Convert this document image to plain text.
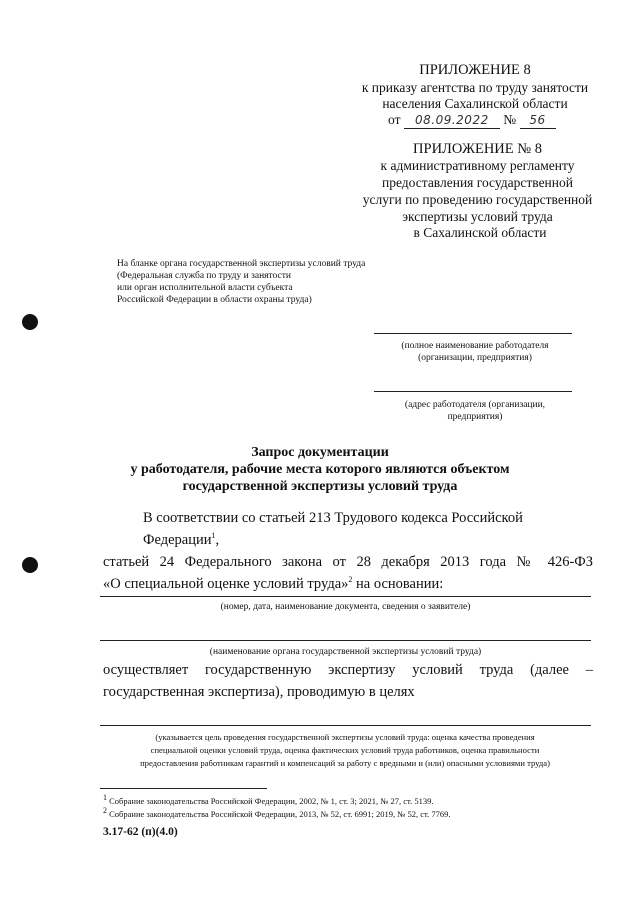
ПРИЛОЖЕНИЕ 8
к приказу агентства по труду занятости
населения Сахалинской области
от 08.09.2022 № 56
ПРИЛОЖЕНИЕ № 8
к административному регламенту
предоставления государственной
услуги по проведению государственной
экспертизы условий труда
в Сахалинской области
На бланке органа государственной экспертизы условий труда
(Федеральная служба по труду и занятости
или орган исполнительной власти субъекта
Российской Федерации в области охраны труда)
(полное наименование работодателя
(организации, предприятия)
(адрес работодателя (организации,
предприятия)
Запрос документации
у работодателя, рабочие места которого являются объектом
государственной экспертизы условий труда
В соответствии со статьей 213 Трудового кодекса Российской Федерации$^1$,
статьей 24 Федерального закона от 28 декабря 2013 года № 426-ФЗ
«О специальной оценке условий труда»$^2$ на основании:
(номер, дата, наименование документа, сведения о заявителе)
(наименование органа государственной экспертизы условий труда)
осуществляет государственную экспертизу условий труда (далее –
государственная экспертиза), проводимую в целях
(указывается цель проведения государственной экспертизы условий труда: оценка качества проведения
специальной оценки условий труда, оценка фактических условий труда работников, оценка правильности
предоставления работникам гарантий и компенсаций за работу с вредными и (или) опасными условиями труда)
$^1$ Собрание законодательства Российской Федерации, 2002, № 1, ст. 3; 2021, № 27, ст. 5139.
$^2$ Собрание законодательства Российской Федерации, 2013, № 52, ст. 6991; 2019, № 52, ст. 7769.
3.17-62 (п)(4.0)
